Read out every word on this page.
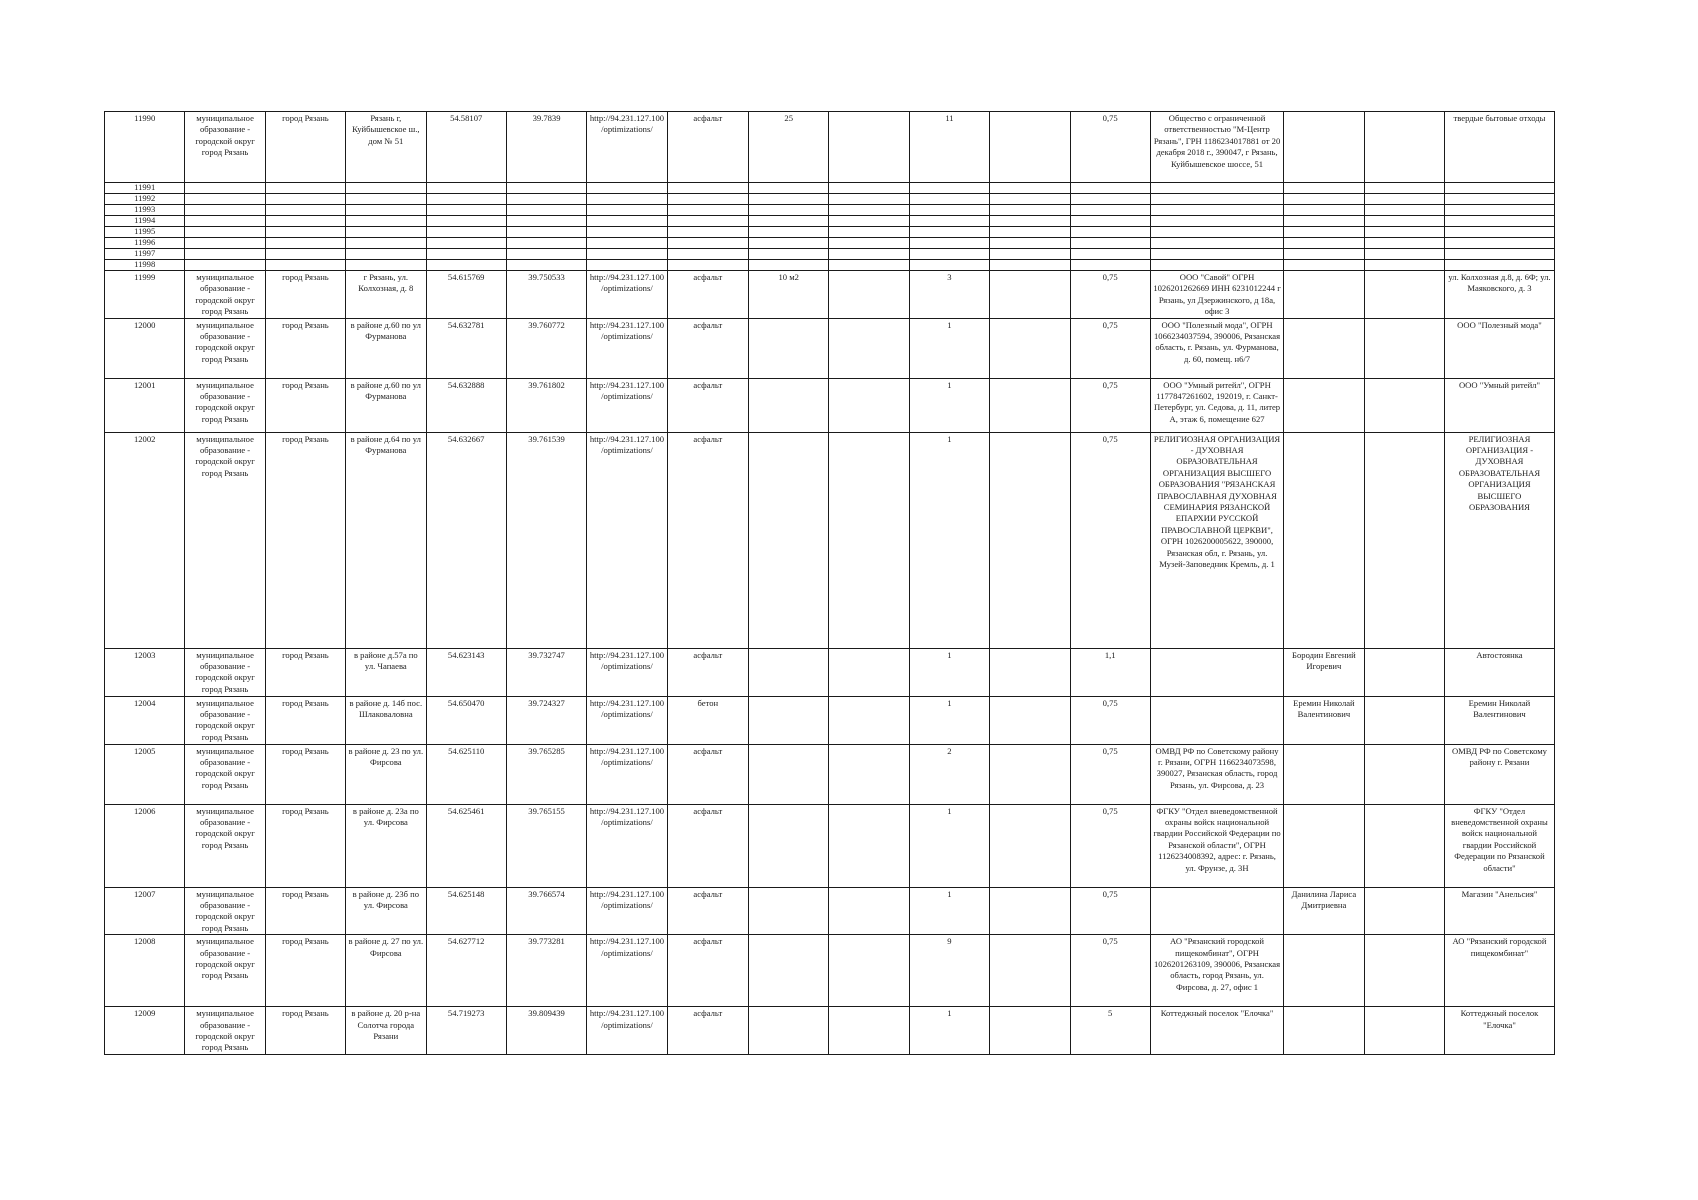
11990	муниципальное образование - городской округ город Рязань	город Рязань	Рязань г, Куйбышевское ш., дом № 51	54.58107	39.7839	http://94.231.127.100/optimizations/	асфальт	25		11		0,75	Общество с ограниченной ответственностью "М-Центр Рязань", ГРН 1186234017881 от 20 декабря 2018 г., 390047, г Рязань, Куйбышевское шоссе, 51			твердые бытовые отходы
11991																
11992																
11993																
11994																
11995																
11996																
11997																
11998																
11999	муниципальное образование - городской округ город Рязань	город Рязань	г Рязань, ул. Колхозная, д. 8	54.615769	39.750533	http://94.231.127.100/optimizations/	асфальт	10 м2		3		0,75	ООО "Савой" ОГРН 1026201262669 ИНН 6231012244 г Рязань, ул Дзержинского, д 18а, офис 3			ул. Колхозная д.8, д. 6Ф; ул. Маяковского, д. 3
12000	муниципальное образование - городской округ город Рязань	город Рязань	в районе д.60 по ул Фурманова	54.632781	39.760772	http://94.231.127.100/optimizations/	асфальт			1		0,75	ООО "Полезный мода", ОГРН 1066234037594, 390006, Рязанская область, г. Рязань, ул. Фурманова, д. 60, помещ. н6/7			ООО "Полезный мода"
12001	муниципальное образование - городской округ город Рязань	город Рязань	в районе д.60 по ул Фурманова	54.632888	39.761802	http://94.231.127.100/optimizations/	асфальт			1		0,75	ООО "Умный ритейл", ОГРН 1177847261602, 192019, г. Санкт-Петербург, ул. Седова, д. 11, литер А, этаж 6, помещение 627			ООО "Умный ритейл"
12002	муниципальное образование - городской округ город Рязань	город Рязань	в районе д.64 по ул Фурманова	54.632667	39.761539	http://94.231.127.100/optimizations/	асфальт			1		0,75	РЕЛИГИОЗНАЯ ОРГАНИЗАЦИЯ - ДУХОВНАЯ ОБРАЗОВАТЕЛЬНАЯ ОРГАНИЗАЦИЯ ВЫСШЕГО ОБРАЗОВАНИЯ "РЯЗАНСКАЯ ПРАВОСЛАВНАЯ ДУХОВНАЯ СЕМИНАРИЯ РЯЗАНСКОЙ ЕПАРХИИ РУССКОЙ ПРАВОСЛАВНОЙ ЦЕРКВИ", ОГРН 1026200005622, 390000, Рязанская обл, г. Рязань, ул. Музей-Заповедник Кремль, д. 1			РЕЛИГИОЗНАЯ ОРГАНИЗАЦИЯ - ДУХОВНАЯ ОБРАЗОВАТЕЛЬНАЯ ОРГАНИЗАЦИЯ ВЫСШЕГО ОБРАЗОВАНИЯ
12003	муниципальное образование - городской округ город Рязань	город Рязань	в районе д.57а по ул. Чапаева	54.623143	39.732747	http://94.231.127.100/optimizations/	асфальт			1		1,1		Бородин Евгений Игоревич		Автостоянка
12004	муниципальное образование - городской округ город Рязань	город Рязань	в районе д. 14б пос. Шлаковаловна	54.650470	39.724327	http://94.231.127.100/optimizations/	бетон			1		0,75		Еремин Николай Валентинович		Еремин Николай Валентинович
12005	муниципальное образование - городской округ город Рязань	город Рязань	в районе д. 23 по ул. Фирсова	54.625110	39.765285	http://94.231.127.100/optimizations/	асфальт			2		0,75	ОМВД РФ по Советскому району г. Рязани, ОГРН 1166234073598, 390027, Рязанская область, город Рязань, ул. Фирсова, д. 23			ОМВД РФ по Советскому району г. Рязани
12006	муниципальное образование - городской округ город Рязань	город Рязань	в районе д. 23а по ул. Фирсова	54.625461	39.765155	http://94.231.127.100/optimizations/	асфальт			1		0,75	ФГКУ "Отдел вневедомственной охраны войск национальной гвардии Российской Федерации по Рязанской области", ОГРН 1126234008392, адрес: г. Рязань, ул. Фрунзе, д. 3Н			ФГКУ "Отдел вневедомственной охраны войск национальной гвардии Российской Федерации по Рязанской области"
12007	муниципальное образование - городской округ город Рязань	город Рязань	в районе д. 23б по ул. Фирсова	54.625148	39.766574	http://94.231.127.100/optimizations/	асфальт			1		0,75		Данилина Лариса Дмитриевна		Магазин "Анельсия"
12008	муниципальное образование - городской округ город Рязань	город Рязань	в районе д. 27 по ул. Фирсова	54.627712	39.773281	http://94.231.127.100/optimizations/	асфальт			9		0,75	АО "Рязанский городской пищекомбинат", ОГРН 1026201263109, 390006, Рязанская область, город Рязань, ул. Фирсова, д. 27, офис 1			АО "Рязанский городской пищекомбинат"
12009	муниципальное образование - городской округ город Рязань	город Рязань	в районе д. 20 р-на Солотча города Рязани	54.719273	39.809439	http://94.231.127.100/optimizations/	асфальт			1		5	Коттеджный поселок "Елочка"			Коттеджный поселок "Елочка"
